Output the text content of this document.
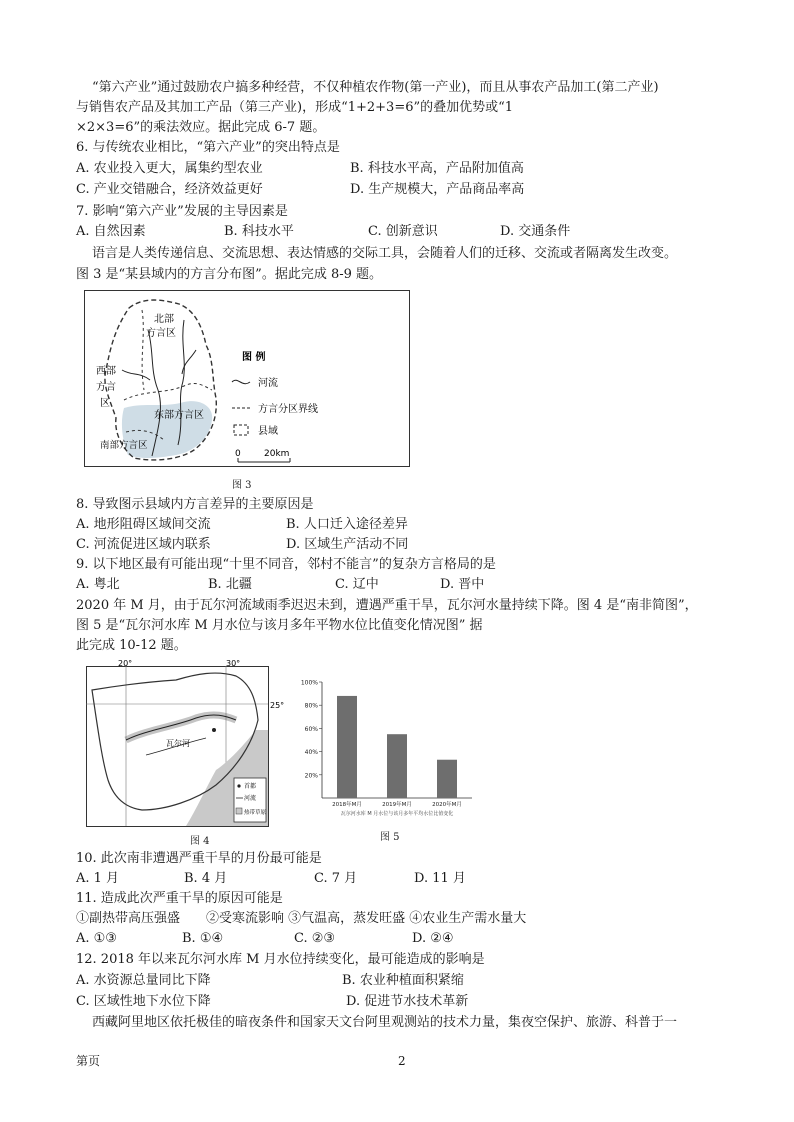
“第六产业”通过鼓励农户搞多种经营，不仅种植农作物(第一产业)，而且从事农产品加工(第二产业)
与销售农产品及其加工产品（第三产业)，形成“1+2+3=6”的叠加优势或“1
×2×3=6”的乘法效应。据此完成 6-7 题。
6. 与传统农业相比，“第六产业”的突出特点是
A. 农业投入更大，属集约型农业	B. 科技水平高，产品附加值高
C. 产业交错融合，经济效益更好	D. 生产规模大，产品商品率高
7. 影响“第六产业”发展的主导因素是
A. 自然因素	B. 科技水平	C. 创新意识	D. 交通条件
语言是人类传递信息、交流思想、表达情感的交际工具，会随着人们的迁移、交流或者隔离发生改变。
图 3 是“某县域内的方言分布图”。据此完成 8-9 题。
北部
方言区
西部
方言
区
东部方言区
南部方言区
图 例
河流
方言分区界线
县域
0	20km
图 3
8. 导致图示县域内方言差异的主要原因是
A. 地形阻碍区域间交流	B. 人口迁入途径差异
C. 河流促进区域内联系	D. 区域生产活动不同
9. 以下地区最有可能出现“十里不同音，邻村不能言”的复杂方言格局的是
A. 粤北	B. 北疆	C. 辽中	D. 晋中
2020 年 M 月，由于瓦尔河流域雨季迟迟未到，遭遇严重干旱，瓦尔河水量持续下降。图 4 是“南非简图”，
图 5 是“瓦尔河水库 M 月水位与该月多年平物水位比值变化情况图” 据
此完成 10-12 题。
20°	30°
25°
瓦尔河
首都
河流
热带草原
图 4
20%
40%
60%
80%
100%
2018年M月	2019年M月	2020年M月
瓦尔河水库 M 月水位与该月多年平均水位比值变化
图 5
10. 此次南非遭遇严重干旱的月份最可能是
A. 1 月	B. 4 月	C. 7 月	D. 11 月
11. 造成此次严重干旱的原因可能是
①副热带高压强盛　　②受寒流影响 ③气温高，蒸发旺盛 ④农业生产需水量大
A. ①③	B. ①④	C. ②③	D. ②④
12. 2018 年以来瓦尔河水库 M 月水位持续变化，最可能造成的影响是
A. 水资源总量同比下降	B. 农业种植面积紧缩
C. 区域性地下水位下降	D. 促进节水技术革新
西藏阿里地区依托极佳的暗夜条件和国家天文台阿里观测站的技术力量，集夜空保护、旅游、科普于一
第页	2
